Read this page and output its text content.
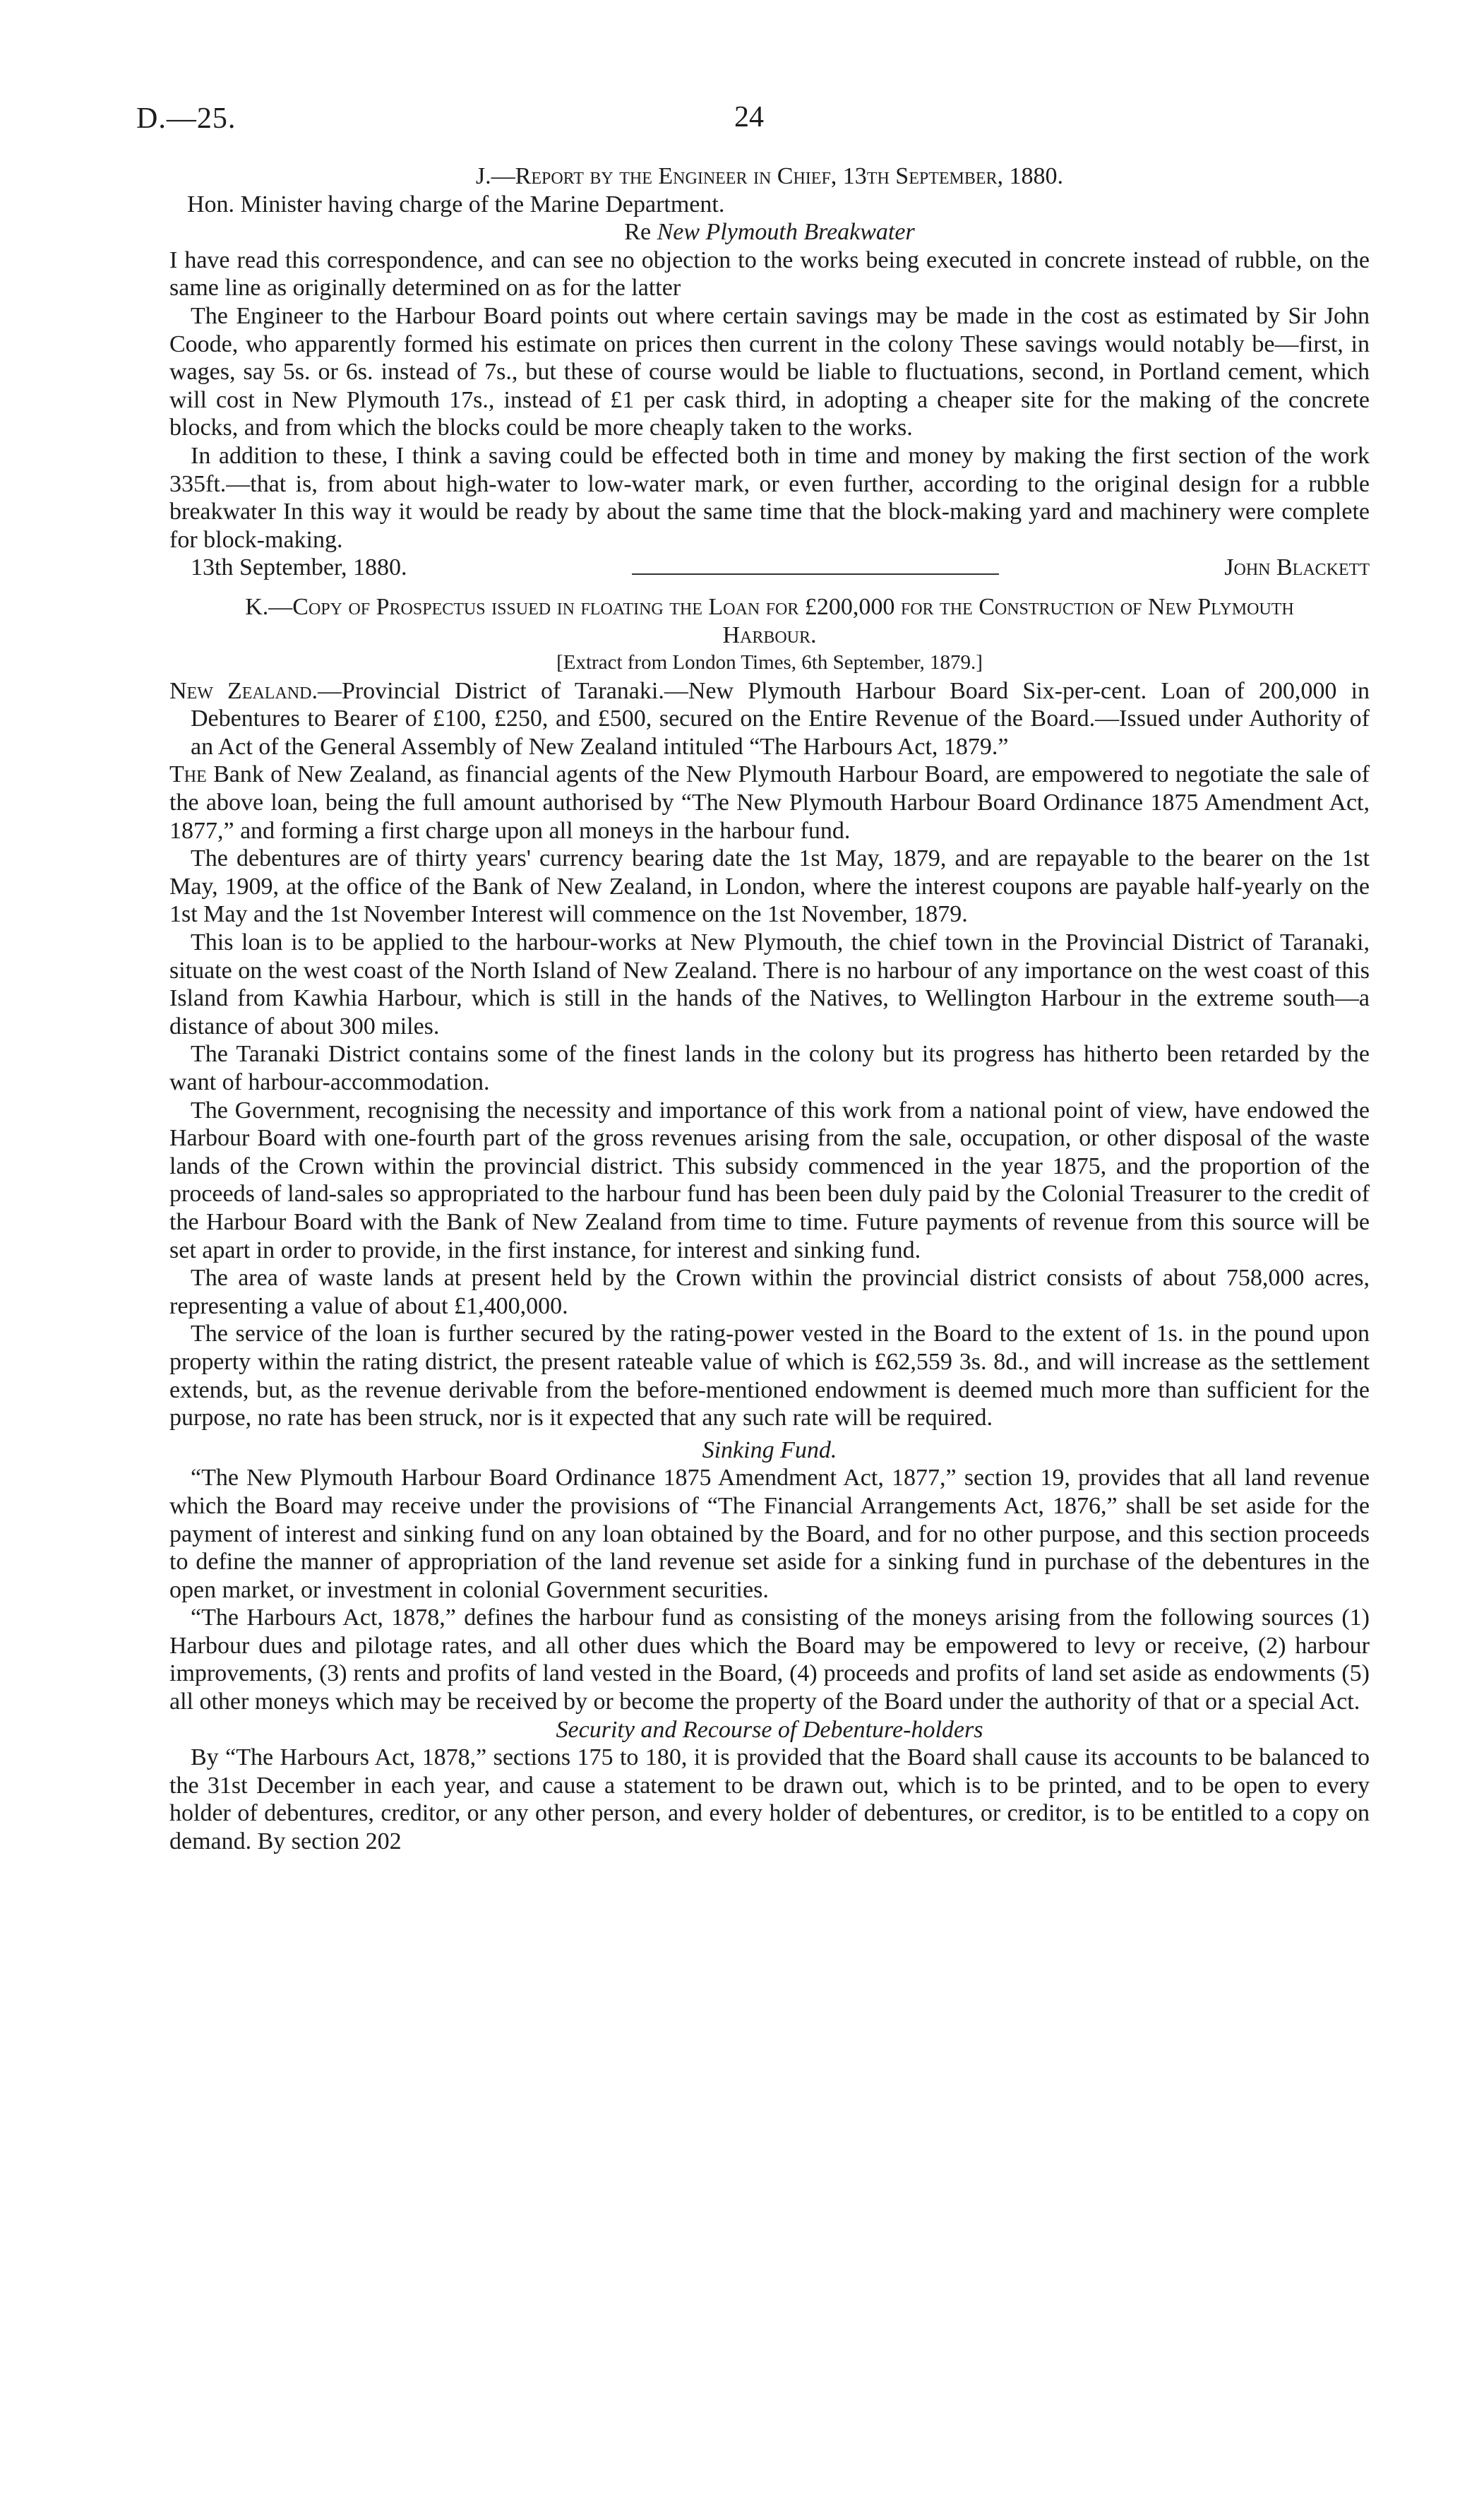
D.—25.	24

J.—Report by the Engineer in Chief, 13th September, 1880.

Hon. Minister having charge of the Marine Department.

Re New Plymouth Breakwater

I have read this correspondence, and can see no objection to the works being executed in concrete instead of rubble, on the same line as originally determined on as for the latter

The Engineer to the Harbour Board points out where certain savings may be made in the cost as estimated by Sir John Coode, who apparently formed his estimate on prices then current in the colony These savings would notably be—first, in wages, say 5s. or 6s. instead of 7s., but these of course would be liable to fluctuations, second, in Portland cement, which will cost in New Plymouth 17s., instead of £1 per cask third, in adopting a cheaper site for the making of the concrete blocks, and from which the blocks could be more cheaply taken to the works.

In addition to these, I think a saving could be effected both in time and money by making the first section of the work 335ft.—that is, from about high-water to low-water mark, or even further, according to the original design for a rubble breakwater In this way it would be ready by about the same time that the block-making yard and machinery were complete for block-making.

13th September, 1880.	John Blackett

K.—Copy of Prospectus issued in floating the Loan for £200,000 for the Construction of New Plymouth Harbour.

[Extract from London Times, 6th September, 1879.]

New Zealand.—Provincial District of Taranaki.—New Plymouth Harbour Board Six-per-cent. Loan of 200,000 in Debentures to Bearer of £100, £250, and £500, secured on the Entire Revenue of the Board.—Issued under Authority of an Act of the General Assembly of New Zealand intituled “The Harbours Act, 1879.”

The Bank of New Zealand, as financial agents of the New Plymouth Harbour Board, are empowered to negotiate the sale of the above loan, being the full amount authorised by “The New Plymouth Harbour Board Ordinance 1875 Amendment Act, 1877,” and forming a first charge upon all moneys in the harbour fund.

The debentures are of thirty years' currency bearing date the 1st May, 1879, and are repayable to the bearer on the 1st May, 1909, at the office of the Bank of New Zealand, in London, where the interest coupons are payable half-yearly on the 1st May and the 1st November Interest will commence on the 1st November, 1879.

This loan is to be applied to the harbour-works at New Plymouth, the chief town in the Provincial District of Taranaki, situate on the west coast of the North Island of New Zealand. There is no harbour of any importance on the west coast of this Island from Kawhia Harbour, which is still in the hands of the Natives, to Wellington Harbour in the extreme south—a distance of about 300 miles.

The Taranaki District contains some of the finest lands in the colony but its progress has hitherto been retarded by the want of harbour-accommodation.

The Government, recognising the necessity and importance of this work from a national point of view, have endowed the Harbour Board with one-fourth part of the gross revenues arising from the sale, occupation, or other disposal of the waste lands of the Crown within the provincial district. This subsidy commenced in the year 1875, and the proportion of the proceeds of land-sales so appropriated to the harbour fund has been been duly paid by the Colonial Treasurer to the credit of the Harbour Board with the Bank of New Zealand from time to time. Future payments of revenue from this source will be set apart in order to provide, in the first instance, for interest and sinking fund.

The area of waste lands at present held by the Crown within the provincial district consists of about 758,000 acres, representing a value of about £1,400,000.

The service of the loan is further secured by the rating-power vested in the Board to the extent of 1s. in the pound upon property within the rating district, the present rateable value of which is £62,559 3s. 8d., and will increase as the settlement extends, but, as the revenue derivable from the before-mentioned endowment is deemed much more than sufficient for the purpose, no rate has been struck, nor is it expected that any such rate will be required.

Sinking Fund.

“The New Plymouth Harbour Board Ordinance 1875 Amendment Act, 1877,” section 19, provides that all land revenue which the Board may receive under the provisions of “The Financial Arrangements Act, 1876,” shall be set aside for the payment of interest and sinking fund on any loan obtained by the Board, and for no other purpose, and this section proceeds to define the manner of appropriation of the land revenue set aside for a sinking fund in purchase of the debentures in the open market, or investment in colonial Government securities.

“The Harbours Act, 1878,” defines the harbour fund as consisting of the moneys arising from the following sources (1) Harbour dues and pilotage rates, and all other dues which the Board may be empowered to levy or receive, (2) harbour improvements, (3) rents and profits of land vested in the Board, (4) proceeds and profits of land set aside as endowments (5) all other moneys which may be received by or become the property of the Board under the authority of that or a special Act.

Security and Recourse of Debenture-holders

By “The Harbours Act, 1878,” sections 175 to 180, it is provided that the Board shall cause its accounts to be balanced to the 31st December in each year, and cause a statement to be drawn out, which is to be printed, and to be open to every holder of debentures, creditor, or any other person, and every holder of debentures, or creditor, is to be entitled to a copy on demand. By section 202
